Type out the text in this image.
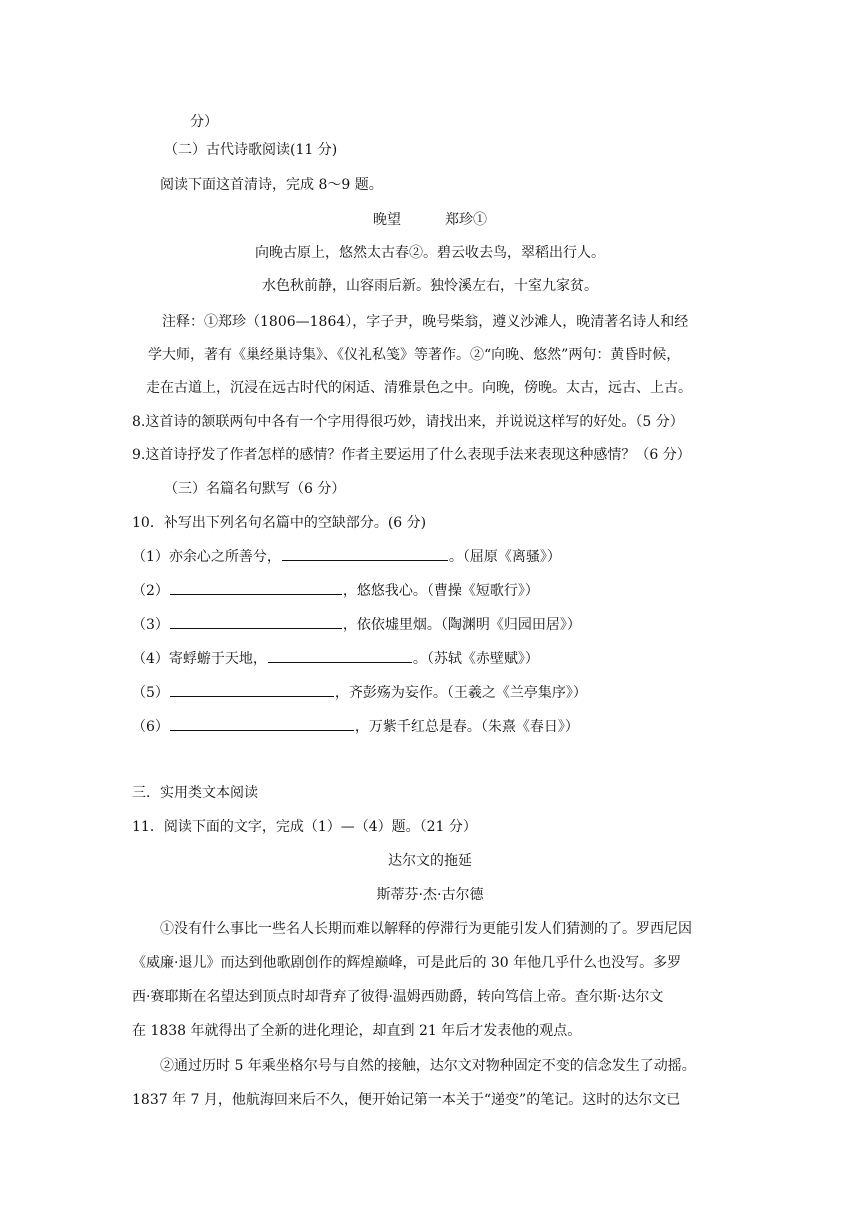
分）
（二）古代诗歌阅读(11 分)
阅读下面这首清诗，完成 8～9 题。
晚望	郑珍①
向晚古原上，悠然太古春②。碧云收去鸟，翠稻出行人。
水色秋前静，山容雨后新。独怜溪左右，十室九家贫。
注释：①郑珍（1806—1864），字子尹，晚号柴翁，遵义沙滩人，晚清著名诗人和经
学大师，著有《巢经巢诗集》、《仪礼私笺》等著作。②“向晚、悠然”两句：黄昏时候，
走在古道上，沉浸在远古时代的闲适、清雅景色之中。向晚，傍晚。太古，远古、上古。
8.这首诗的颔联两句中各有一个字用得很巧妙，请找出来，并说说这样写的好处。（5 分）
9.这首诗抒发了作者怎样的感情？作者主要运用了什么表现手法来表现这种感情？（6 分）
（三）名篇名句默写（6 分）
10．补写出下列名句名篇中的空缺部分。(6 分)
（1）亦余心之所善兮，	。（屈原《离骚》）
（2）	，悠悠我心。（曹操《短歌行》）
（3）	，依依墟里烟。（陶渊明《归园田居》）
（4）寄蜉蝣于天地，	。（苏轼《赤壁赋》）
（5）	，齐彭殇为妄作。（王羲之《兰亭集序》）
（6）	，万紫千红总是春。（朱熹《春日》）
三．实用类文本阅读
11．阅读下面的文字，完成（1）—（4）题。（21 分）
达尔文的拖延
斯蒂芬·杰·古尔德
①没有什么事比一些名人长期而难以解释的停滞行为更能引发人们猜测的了。罗西尼因
《威廉·退儿》而达到他歌剧创作的辉煌巅峰，可是此后的 30 年他几乎什么也没写。多罗
西·赛耶斯在名望达到顶点时却背弃了彼得·温姆西勋爵，转向笃信上帝。查尔斯·达尔文
在 1838 年就得出了全新的进化理论，却直到 21 年后才发表他的观点。
②通过历时 5 年乘坐格尔号与自然的接触，达尔文对物种固定不变的信念发生了动摇。
1837 年 7 月，他航海回来后不久，便开始记第一本关于“递变”的笔记。这时的达尔文已
